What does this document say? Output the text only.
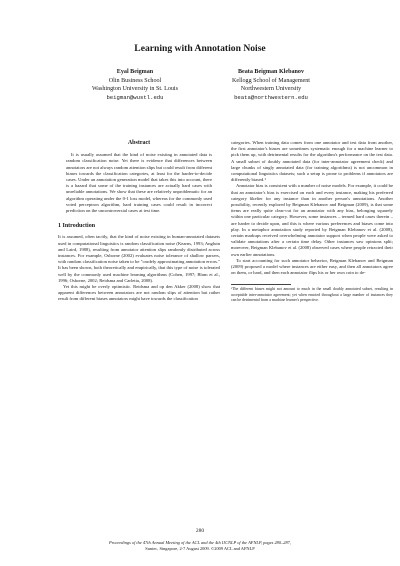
Learning with Annotation Noise
Eyal Beigman
Olin Business School
Washington University in St. Louis
beigman@wustl.edu
Beata Beigman Klebanov
Kellogg School of Management
Northwestern University
beata@northwestern.edu
Abstract

It is usually assumed that the kind of noise existing in annotated data is random classification noise. Yet there is evidence that differences between annotators are not always random attention slips but could result from different biases towards the classification categories, at least for the harder-to-decide cases. Under an annotation generation model that takes this into account, there is a hazard that some of the training instances are actually hard cases with unreliable annotations. We show that these are relatively unproblematic for an algorithm operating under the 0-1 loss model, whereas for the commonly used voted perceptron algorithm, hard training cases could result in incorrect prediction on the uncontroversial cases at test time.

1 Introduction

It is assumed, often tacitly, that the kind of noise existing in human-annotated datasets used in computational linguistics is random classification noise (Kearns, 1993; Angluin and Laird, 1988), resulting from annotator attention slips randomly distributed across instances. For example, Osborne (2002) evaluates noise tolerance of shallow parsers, with random classification noise taken to be "crudely approximating annotation errors." It has been shown, both theoretically and empirically, that this type of noise is tolerated well by the commonly used machine learning algorithms (Cohen, 1997; Blum et al., 1996; Osborne, 2002; Reidsma and Carletta, 2008).

Yet this might be overly optimistic. Reidsma and op den Akker (2008) show that apparent differences between annotators are not random slips of attention but rather result from different biases annotators might have towards the classification

categories. When training data comes from one annotator and test data from another, the first annotator's biases are sometimes systematic enough for a machine learner to pick them up, with detrimental results for the algorithm's performance on the test data. A small subset of doubly annotated data (for inter-annotator agreement check) and large chunks of singly annotated data (for training algorithms) is not uncommon in computational linguistics datasets; such a setup is prone to problems if annotators are differently biased.¹

Annotator bias is consistent with a number of noise models. For example, it could be that an annotator's bias is exercised on each and every instance, making his preferred category likelier for any instance than in another person's annotations. Another possibility, recently explored by Beigman Klebanov and Beigman (2009), is that some items are really quite clear-cut for an annotator with any bias, belonging squarely within one particular category. However, some instances – termed hard cases therein – are harder to decide upon, and this is where various preferences and biases come into play. In a metaphor annotation study reported by Beigman Klebanov et al. (2008), certain markups received overwhelming annotator support when people were asked to validate annotations after a certain time delay. Other instances saw opinions split; moreover, Beigman Klebanov et al. (2008) observed cases where people retracted their own earlier annotations.

To start accounting for such annotator behavior, Beigman Klebanov and Beigman (2009) proposed a model where instances are either easy, and then all annotators agree on them, or hard, and then each annotator flips his or her own coin to de-

¹The different biases might not amount to much in the small doubly annotated subset, resulting in acceptable inter-annotator agreement; yet when enacted throughout a large number of instances they can be detrimental from a machine learner's perspective.
280
Proceedings of the 47th Annual Meeting of the ACL and the 4th IJCNLP of the AFNLP, pages 280–287,
Suntec, Singapore, 2-7 August 2009. ©2009 ACL and AFNLP
